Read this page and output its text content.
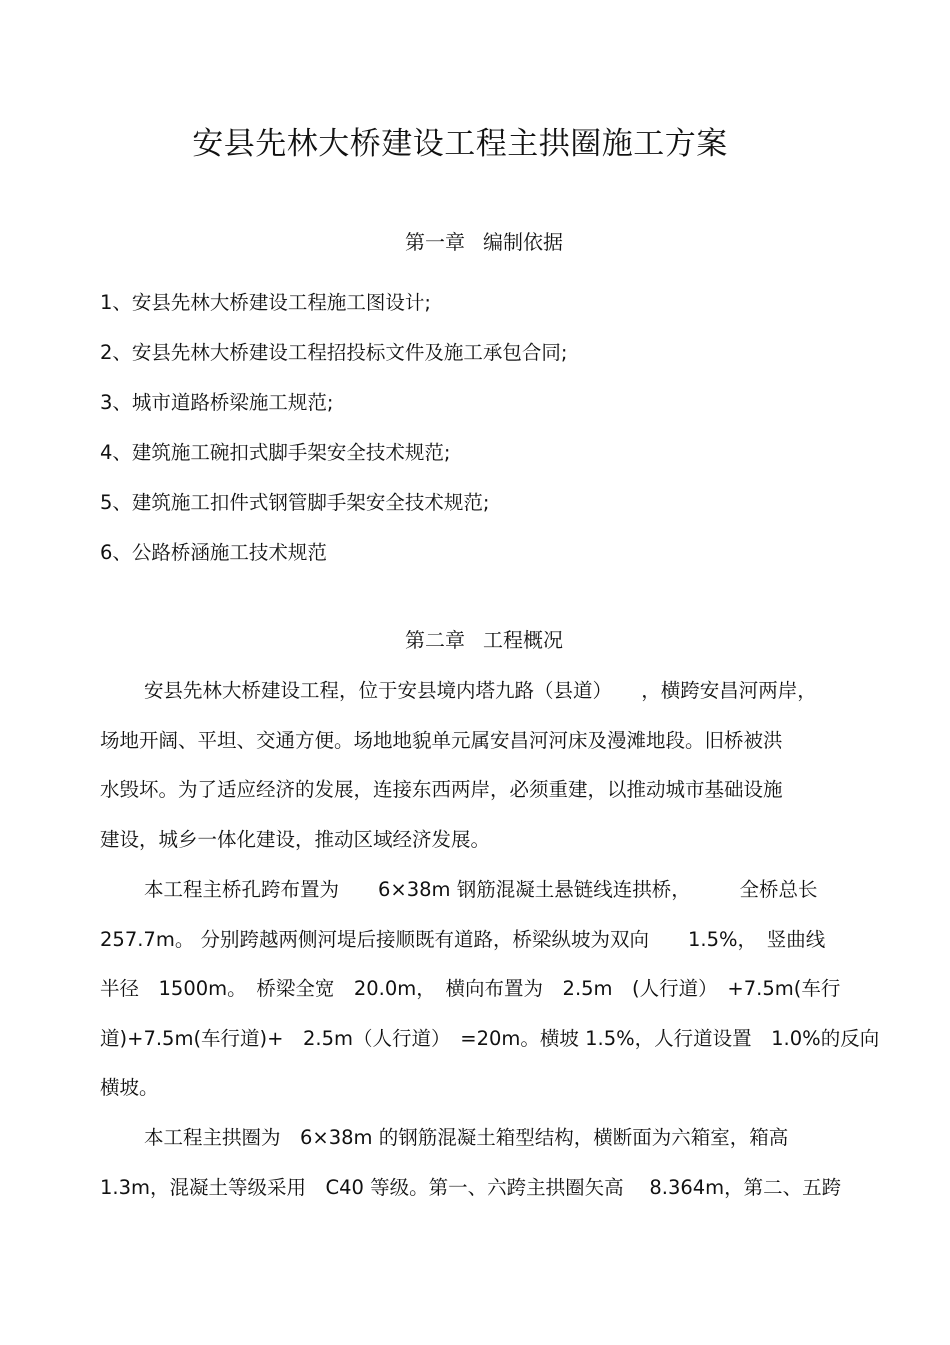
安县先林大桥建设工程主拱圈施工方案
第一章 编制依据
1、安县先林大桥建设工程施工图设计;
2、安县先林大桥建设工程招投标文件及施工承包合同;
3、城市道路桥梁施工规范;
4、建筑施工碗扣式脚手架安全技术规范;
5、建筑施工扣件式钢管脚手架安全技术规范;
6、公路桥涵施工技术规范
第二章 工程概况
安县先林大桥建设工程，位于安县境内塔九路（县道）　　，横跨安昌河两岸，
场地开阔、平坦、交通方便。场地地貌单元属安昌河河床及漫滩地段。旧桥被洪
水毁坏。为了适应经济的发展，连接东西两岸，必须重建，以推动城市基础设施
建设，城乡一体化建设，推动区域经济发展。
本工程主桥孔跨布置为　　6×38m 钢筋混凝土悬链线连拱桥，　　　全桥总长
257.7m。 分别跨越两侧河堤后接顺既有道路，桥梁纵坡为双向　　1.5%，　竖曲线
半径　1500m。　桥梁全宽　20.0m，　横向布置为　2.5m　(人行道）　+7.5m(车行
道)+7.5m(车行道)+　2.5m（人行道）　=20m。横坡 1.5%，人行道设置　1.0%的反向
横坡。
本工程主拱圈为　6×38m 的钢筋混凝土箱型结构，横断面为六箱室，箱高
1.3m，混凝土等级采用　C40 等级。第一、六跨主拱圈矢高　 8.364m，第二、五跨
